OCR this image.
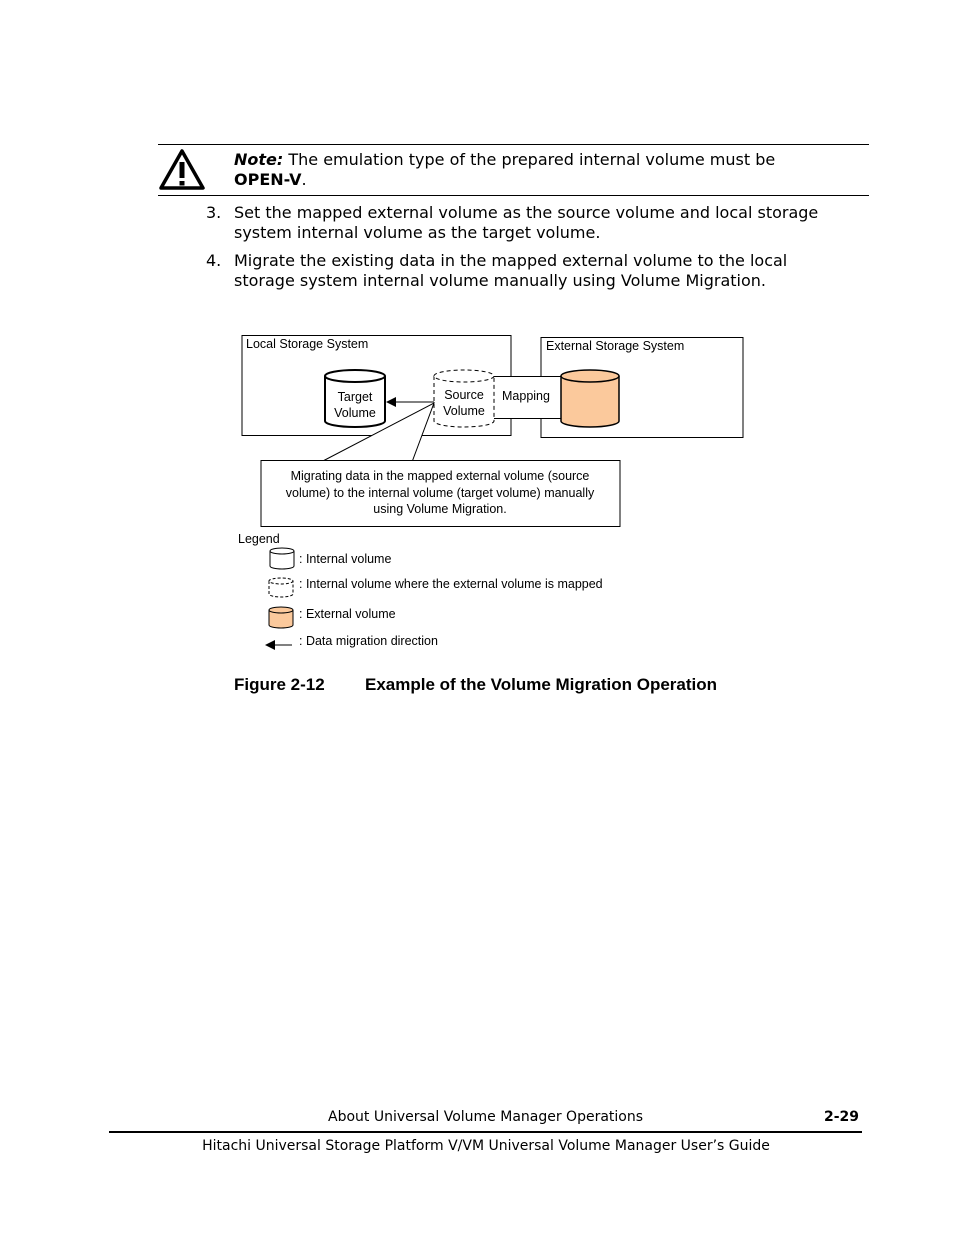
Note: The emulation type of the prepared internal volume must be
OPEN-V.
3. Set the mapped external volume as the source volume and local storage
system internal volume as the target volume.
4. Migrate the existing data in the mapped external volume to the local
storage system internal volume manually using Volume Migration.
Local Storage System	External Storage System
Mapping
Target
Volume
Source
Volume
Migrating data in the mapped external volume (source
volume) to the internal volume (target volume) manually
using Volume Migration.
Legend
: Internal volume
: Internal volume where the external volume is mapped
: External volume
: Data migration direction
Figure 2-12 Example of the Volume Migration Operation
About Universal Volume Manager Operations	2-29
Hitachi Universal Storage Platform V/VM Universal Volume Manager User’s Guide
